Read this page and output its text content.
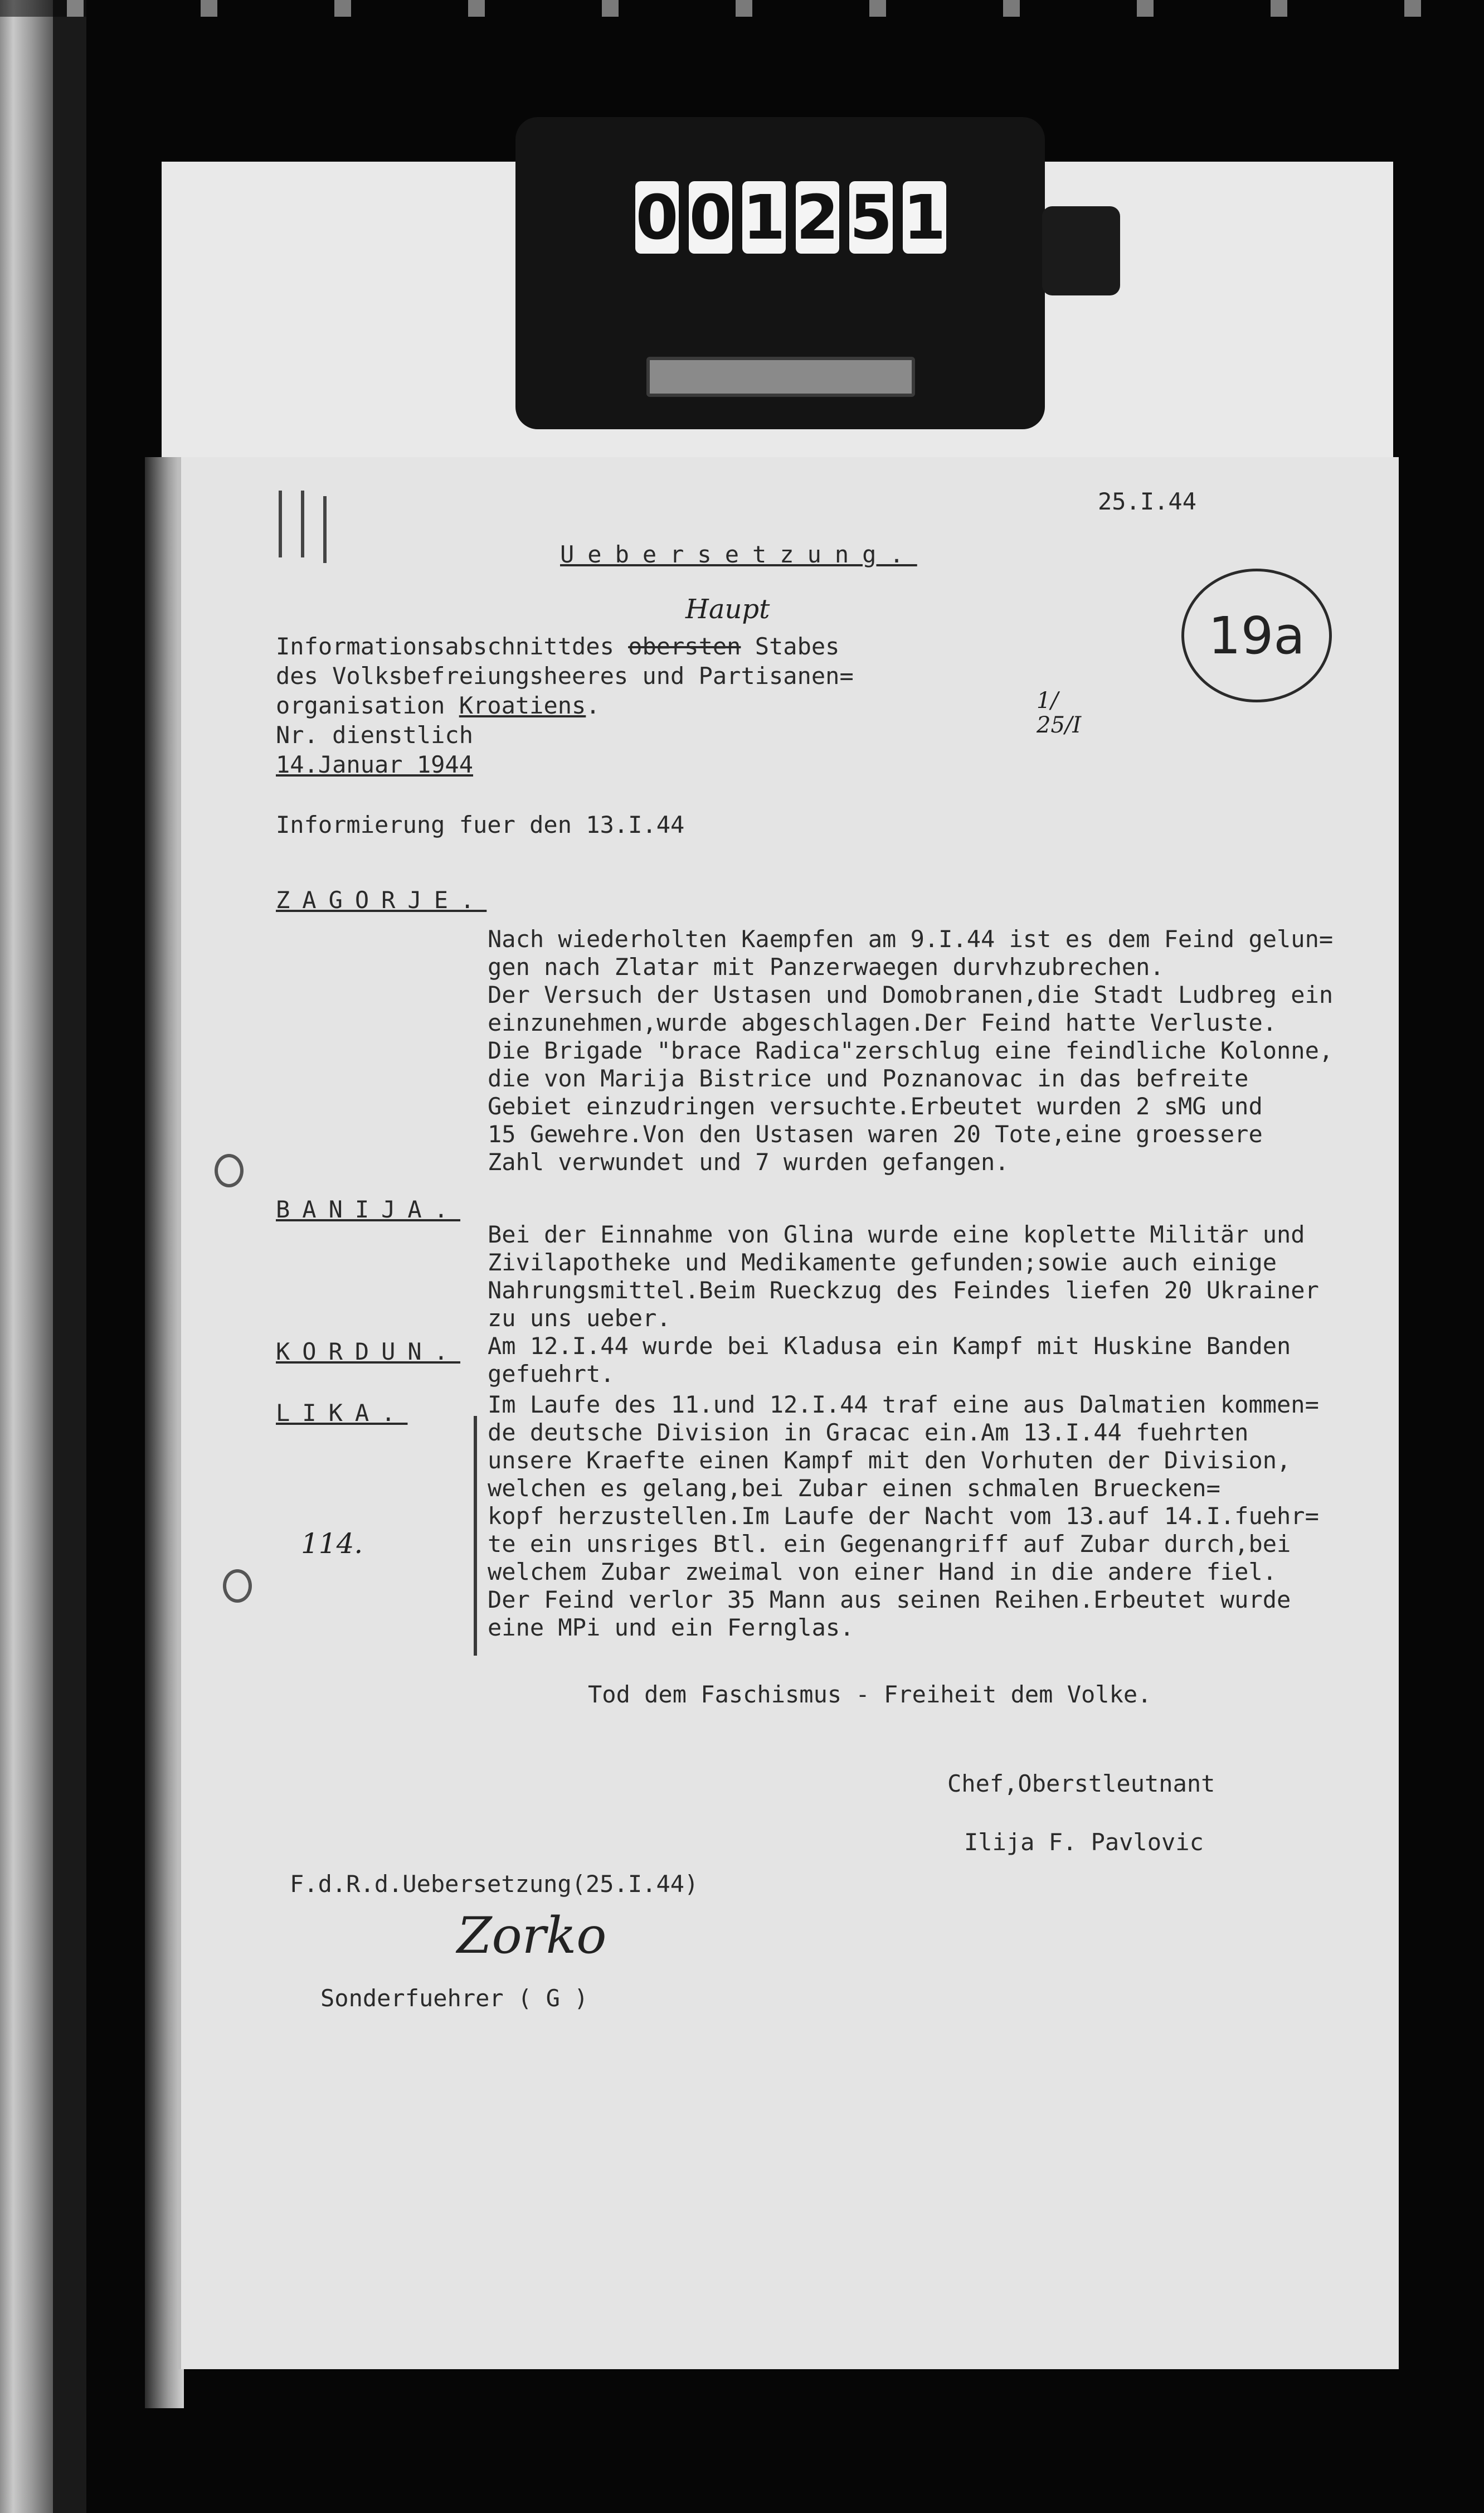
0 0 1 2 5 1
25.I.44
Uebersetzung.
19a
Haupt
Informationsabschnittdes obersten Stabes
des Volksbefreiungsheeres und Partisanen=
organisation Kroatiens.
Nr. dienstlich
14.Januar 1944
1/ 25/I
Informierung fuer den 13.I.44
ZAGORJE.
Nach wiederholten Kaempfen am 9.I.44 ist es dem Feind gelun=
gen nach Zlatar mit Panzerwaegen durvhzubrechen.
Der Versuch der Ustasen und Domobranen,die Stadt Ludbreg ein
einzunehmen,wurde abgeschlagen.Der Feind hatte Verluste.
Die Brigade "brace Radica"zerschlug eine feindliche Kolonne,
die von Marija Bistrice und Poznanovac in das befreite
Gebiet einzudringen versuchte.Erbeutet wurden 2 sMG und
15 Gewehre.Von den Ustasen waren 20 Tote,eine groessere
Zahl verwundet und 7 wurden gefangen.
BANIJA.
Bei der Einnahme von Glina wurde eine koplette Militär und
Zivilapotheke und Medikamente gefunden;sowie auch einige
Nahrungsmittel.Beim Rueckzug des Feindes liefen 20 Ukrainer
zu uns ueber.
KORDUN. Am 12.I.44 wurde bei Kladusa ein Kampf mit Huskine Banden
gefuehrt.
LIKA.	Im Laufe des 11.und 12.I.44 traf eine aus Dalmatien kommen=
de deutsche Division in Gracac ein.Am 13.I.44 fuehrten
unsere Kraefte einen Kampf mit den Vorhuten der Division,
welchen es gelang,bei Zubar einen schmalen Bruecken=
kopf herzustellen.Im Laufe der Nacht vom 13.auf 14.I.fuehr=
te ein unsriges Btl. ein Gegenangriff auf Zubar durch,bei
welchem Zubar zweimal von einer Hand in die andere fiel.
Der Feind verlor 35 Mann aus seinen Reihen.Erbeutet wurde
eine MPi und ein Fernglas.
114.
Tod dem Faschismus - Freiheit dem Volke.
Chef,Oberstleutnant
Ilija F. Pavlovic
F.d.R.d.Uebersetzung(25.I.44)
Zorko
Sonderfuehrer ( G )
